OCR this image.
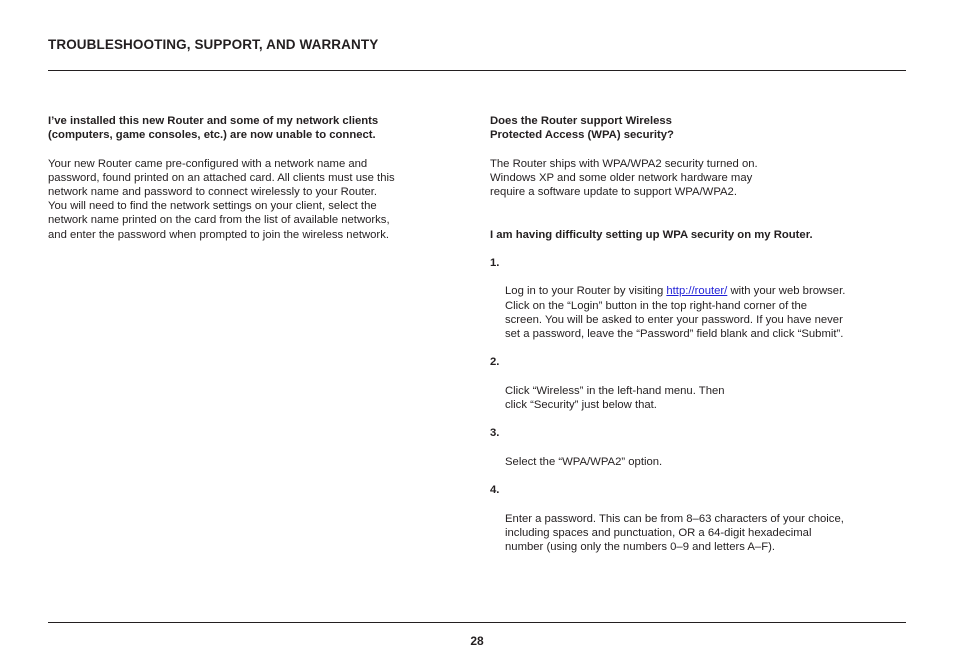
TROUBLESHOOTING, SUPPORT, AND WARRANTY

I’ve installed this new Router and some of my network clients
(computers, game consoles, etc.) are now unable to connect.

Your new Router came pre-configured with a network name and
password, found printed on an attached card. All clients must use this
network name and password to connect wirelessly to your Router.
You will need to find the network settings on your client, select the
network name printed on the card from the list of available networks,
and enter the password when prompted to join the wireless network.

Does the Router support Wireless
Protected Access (WPA) security?

The Router ships with WPA/WPA2 security turned on.
Windows XP and some older network hardware may
require a software update to support WPA/WPA2.

I am having difficulty setting up WPA security on my Router.

1.

Log in to your Router by visiting http://router/ with your web browser.
Click on the “Login” button in the top right-hand corner of the
screen. You will be asked to enter your password. If you have never
set a password, leave the “Password” field blank and click “Submit”.

2.

Click “Wireless” in the left-hand menu. Then
click “Security” just below that.

3.

Select the “WPA/WPA2” option.

4.

Enter a password. This can be from 8–63 characters of your choice,
including spaces and punctuation, OR a 64-digit hexadecimal
number (using only the numbers 0–9 and letters A–F).

28
